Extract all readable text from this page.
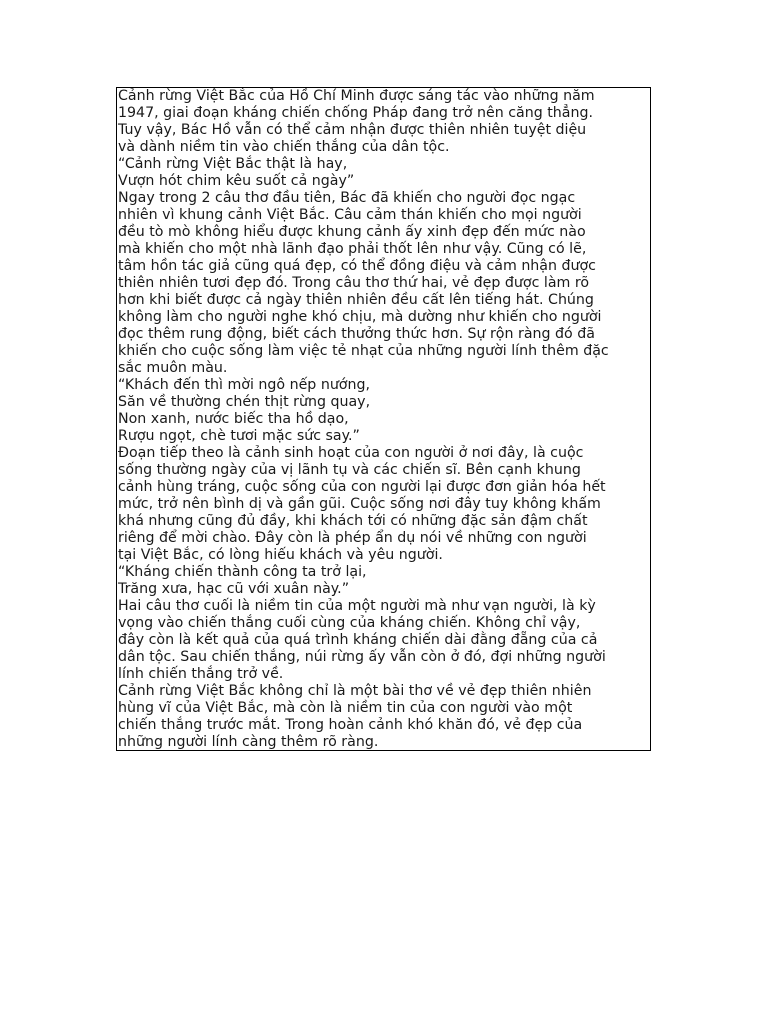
Cảnh rừng Việt Bắc của Hồ Chí Minh được sáng tác vào những năm
1947, giai đoạn kháng chiến chống Pháp đang trở nên căng thẳng.
Tuy vậy, Bác Hồ vẫn có thể cảm nhận được thiên nhiên tuyệt diệu
và dành niềm tin vào chiến thắng của dân tộc.
“Cảnh rừng Việt Bắc thật là hay,
Vượn hót chim kêu suốt cả ngày”
Ngay trong 2 câu thơ đầu tiên, Bác đã khiến cho người đọc ngạc
nhiên vì khung cảnh Việt Bắc. Câu cảm thán khiến cho mọi người
đều tò mò không hiểu được khung cảnh ấy xinh đẹp đến mức nào
mà khiến cho một nhà lãnh đạo phải thốt lên như vậy. Cũng có lẽ,
tâm hồn tác giả cũng quá đẹp, có thể đồng điệu và cảm nhận được
thiên nhiên tươi đẹp đó. Trong câu thơ thứ hai, vẻ đẹp được làm rõ
hơn khi biết được cả ngày thiên nhiên đều cất lên tiếng hát. Chúng
không làm cho người nghe khó chịu, mà dường như khiến cho người
đọc thêm rung động, biết cách thưởng thức hơn. Sự rộn ràng đó đã
khiến cho cuộc sống làm việc tẻ nhạt của những người lính thêm đặc
sắc muôn màu.
“Khách đến thì mời ngô nếp nướng,
Săn về thường chén thịt rừng quay,
Non xanh, nước biếc tha hồ dạo,
Rượu ngọt, chè tươi mặc sức say.”
Đoạn tiếp theo là cảnh sinh hoạt của con người ở nơi đây, là cuộc
sống thường ngày của vị lãnh tụ và các chiến sĩ. Bên cạnh khung
cảnh hùng tráng, cuộc sống của con người lại được đơn giản hóa hết
mức, trở nên bình dị và gần gũi. Cuộc sống nơi đây tuy không khấm
khá nhưng cũng đủ đầy, khi khách tới có những đặc sản đậm chất
riêng để mời chào. Đây còn là phép ẩn dụ nói về những con người
tại Việt Bắc, có lòng hiếu khách và yêu người.
“Kháng chiến thành công ta trở lại,
Trăng xưa, hạc cũ với xuân này.”
Hai câu thơ cuối là niềm tin của một người mà như vạn người, là kỳ
vọng vào chiến thắng cuối cùng của kháng chiến. Không chỉ vậy,
đây còn là kết quả của quá trình kháng chiến dài đằng đẵng của cả
dân tộc. Sau chiến thắng, núi rừng ấy vẫn còn ở đó, đợi những người
lính chiến thắng trở về.
Cảnh rừng Việt Bắc không chỉ là một bài thơ về vẻ đẹp thiên nhiên
hùng vĩ của Việt Bắc, mà còn là niềm tin của con người vào một
chiến thắng trước mắt. Trong hoàn cảnh khó khăn đó, vẻ đẹp của
những người lính càng thêm rõ ràng.
